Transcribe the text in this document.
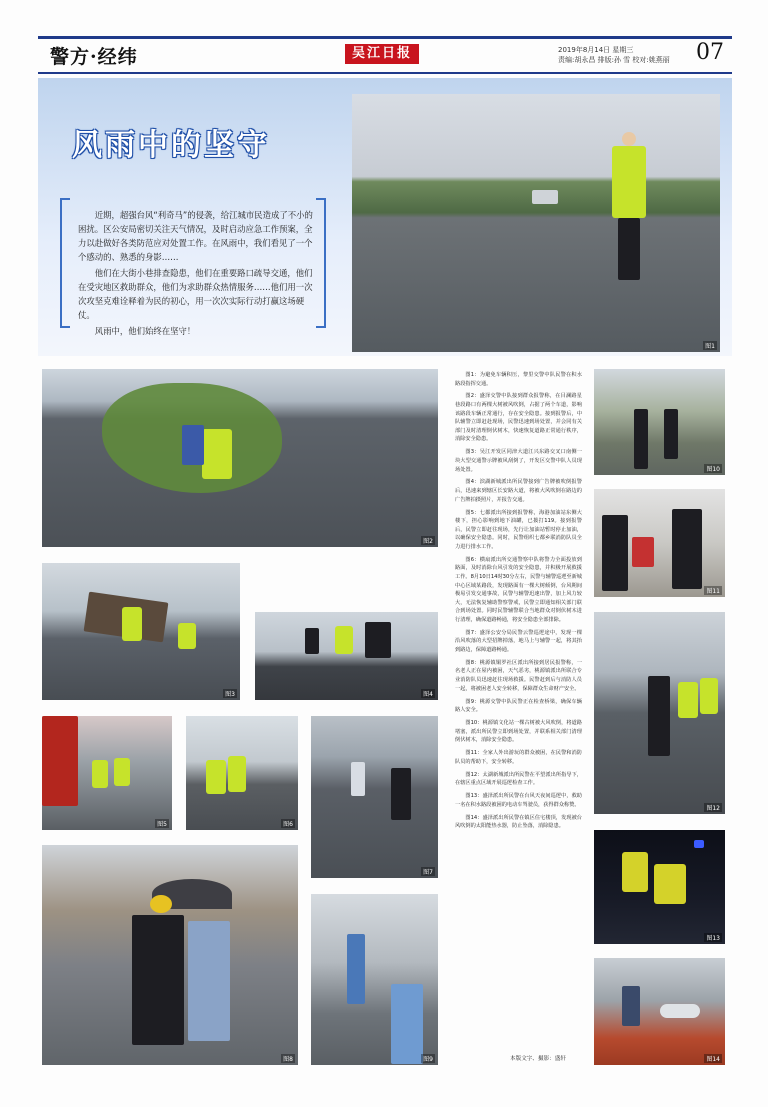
警方·经纬	吴江日报	2019年8月14日 星期三
责编:胡永昌 排版:孙 雪 校对:姚燕丽 07
风雨中的坚守

近期，超强台风“利奇马”的侵袭，给江城市民造成了不小的困扰。区公安局密切关注天气情况，及时启动应急工作预案，全力以赴做好各类防范应对处置工作。在风雨中，我们看见了一个个感动的、熟悉的身影……

他们在大街小巷排查隐患，他们在重要路口疏导交通，他们在受灾地区救助群众，他们为求助群众热情服务……他们用一次次攻坚克难诠释着为民的初心，用一次次实际行动打赢这场硬仗。

风雨中，他们始终在坚守！

图1
图2
图3	图4
图5	图6
图7
图8	图9
图10
图11
图12
图13
图14

图1：为避免车辆积压，黎里交警中队民警在积水路段指挥交通。

图2：盛泽交警中队接到群众报警称，在目澜路星巷段路口有两棵大树被风吹倒，占据了两个车道，影响该路段车辆正常通行，存在安全隐患。接到报警后，中队辅警立即赶赴现场，民警迅速到场处置，并会同有关部门及时清理倒伏树木，快速恢复道路正常通行秩序，消除安全隐患。

图3：吴江开发区同津大道江兴东路交叉口南侧一块大型交通警示牌被风刮倒了，开发区交警中队人员现场处置。

图4：滨湖新城派出所民警接到广告牌被吹倒报警后，迅速来到辖区长安路大道，将被大风吹倒在路边的广告牌拍摄照片，并报告交通。

图5：七都派出所接到报警称，海港加油站东侧大楼下，担心影响到地下油罐，已拨打119。接到报警后，民警立即赶往现场，先行让加油站暂时停止加油，以确保安全隐患。同时，民警组织七都乡联消防队员全力进行排水工作。

图6：横扇派出所交通警察中队将警力全面投放到路面，及时消除台风引发的安全隐患，并积极开展救援工作。8月10日14时30分左右，民警与辅警巡逻至新城中心区域某路段，发现路面有一棵大树倾倒，台风期间极易引发交通事故，民警与辅警迅速出警，加上风力较大，无法恢复辅助警察警戒，民警立即通知相关部门联合到场处置。同时民警辅警联合当地群众对倒伏树木进行清理，确保道路畅通，将安全隐患全部排除。

图7：盛泽公安分局民警云警巡逻途中，发现一棵沿风吹落的大型招牌掉落，地马上与辅警一起，将其抬到路边，保障道路畅通。

图8：桃源镇铜罗社区派出所接到居民报警称，一名老人正在屋内被困，天气恶劣，桃源镇派出所联合专业消防队员迅速赶往现场救援。民警赶到后与消防人员一起，将被困老人安全转移，保障群众生命财产安全。

图9：桃源交警中队民警正在检查桥梁，确保车辆路人安全。

图10：桃源镇文化站一棵古树被大风吹倒，将道路堵塞，派出所民警立即到场处置，并联系相关部门清理倒伏树木，消除安全隐患。

图11：全家人外出游玩的群众被困，在民警和消防队员的帮助下，安全转移。

图12：太湖新城派出所民警在平望派出所指导下，在辖区重点区域开展巡逻检查工作。

图13：盛泽派出所民警在台风天夜间巡逻中，救助一名在积水路段被困的电动车驾驶员，获得群众称赞。

图14：盛泽派出所民警在镇区住宅楼顶，发现被台风吹倒的太阳能热水器，防止坠落，消除隐患。

本版文字、摄影：盛轩
